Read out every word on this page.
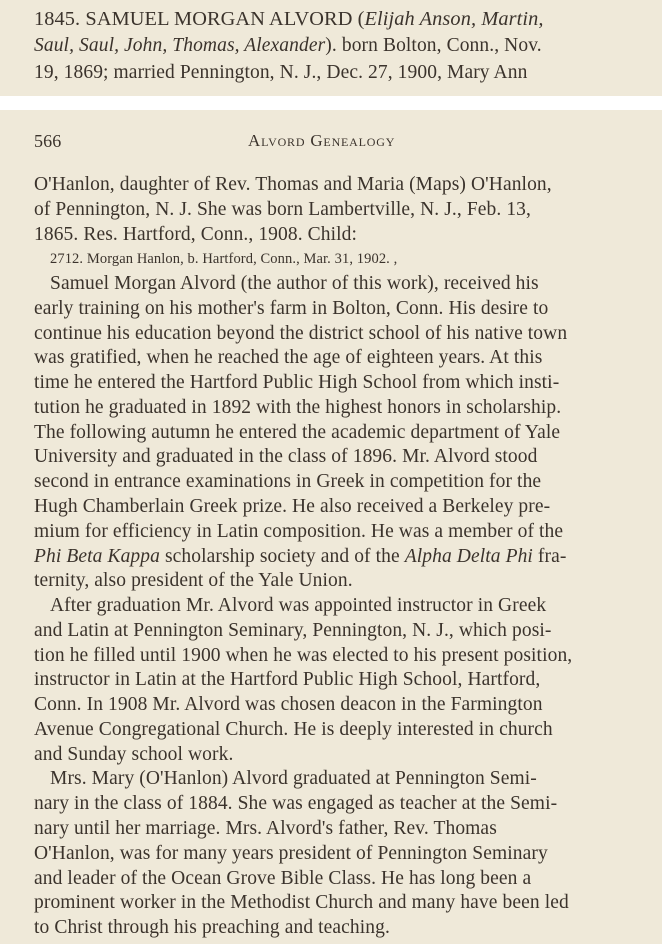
1845. SAMUEL MORGAN ALVORD (Elijah Anson, Martin,
Saul, Saul, John, Thomas, Alexander). born Bolton, Conn., Nov.
19, 1869; married Pennington, N. J., Dec. 27, 1900, Mary Ann
566	Alvord Genealogy
O'Hanlon, daughter of Rev. Thomas and Maria (Maps) O'Hanlon,
of Pennington, N. J. She was born Lambertville, N. J., Feb. 13,
1865. Res. Hartford, Conn., 1908. Child:
2712. Morgan Hanlon, b. Hartford, Conn., Mar. 31, 1902. ,
Samuel Morgan Alvord (the author of this work), received his
early training on his mother's farm in Bolton, Conn. His desire to
continue his education beyond the district school of his native town
was gratified, when he reached the age of eighteen years. At this
time he entered the Hartford Public High School from which insti-
tution he graduated in 1892 with the highest honors in scholarship.
The following autumn he entered the academic department of Yale
University and graduated in the class of 1896. Mr. Alvord stood
second in entrance examinations in Greek in competition for the
Hugh Chamberlain Greek prize. He also received a Berkeley pre-
mium for efficiency in Latin composition. He was a member of the
Phi Beta Kappa scholarship society and of the Alpha Delta Phi fra-
ternity, also president of the Yale Union.
After graduation Mr. Alvord was appointed instructor in Greek
and Latin at Pennington Seminary, Pennington, N. J., which posi-
tion he filled until 1900 when he was elected to his present position,
instructor in Latin at the Hartford Public High School, Hartford,
Conn. In 1908 Mr. Alvord was chosen deacon in the Farmington
Avenue Congregational Church. He is deeply interested in church
and Sunday school work.
Mrs. Mary (O'Hanlon) Alvord graduated at Pennington Semi-
nary in the class of 1884. She was engaged as teacher at the Semi-
nary until her marriage. Mrs. Alvord's father, Rev. Thomas
O'Hanlon, was for many years president of Pennington Seminary
and leader of the Ocean Grove Bible Class. He has long been a
prominent worker in the Methodist Church and many have been led
to Christ through his preaching and teaching.
